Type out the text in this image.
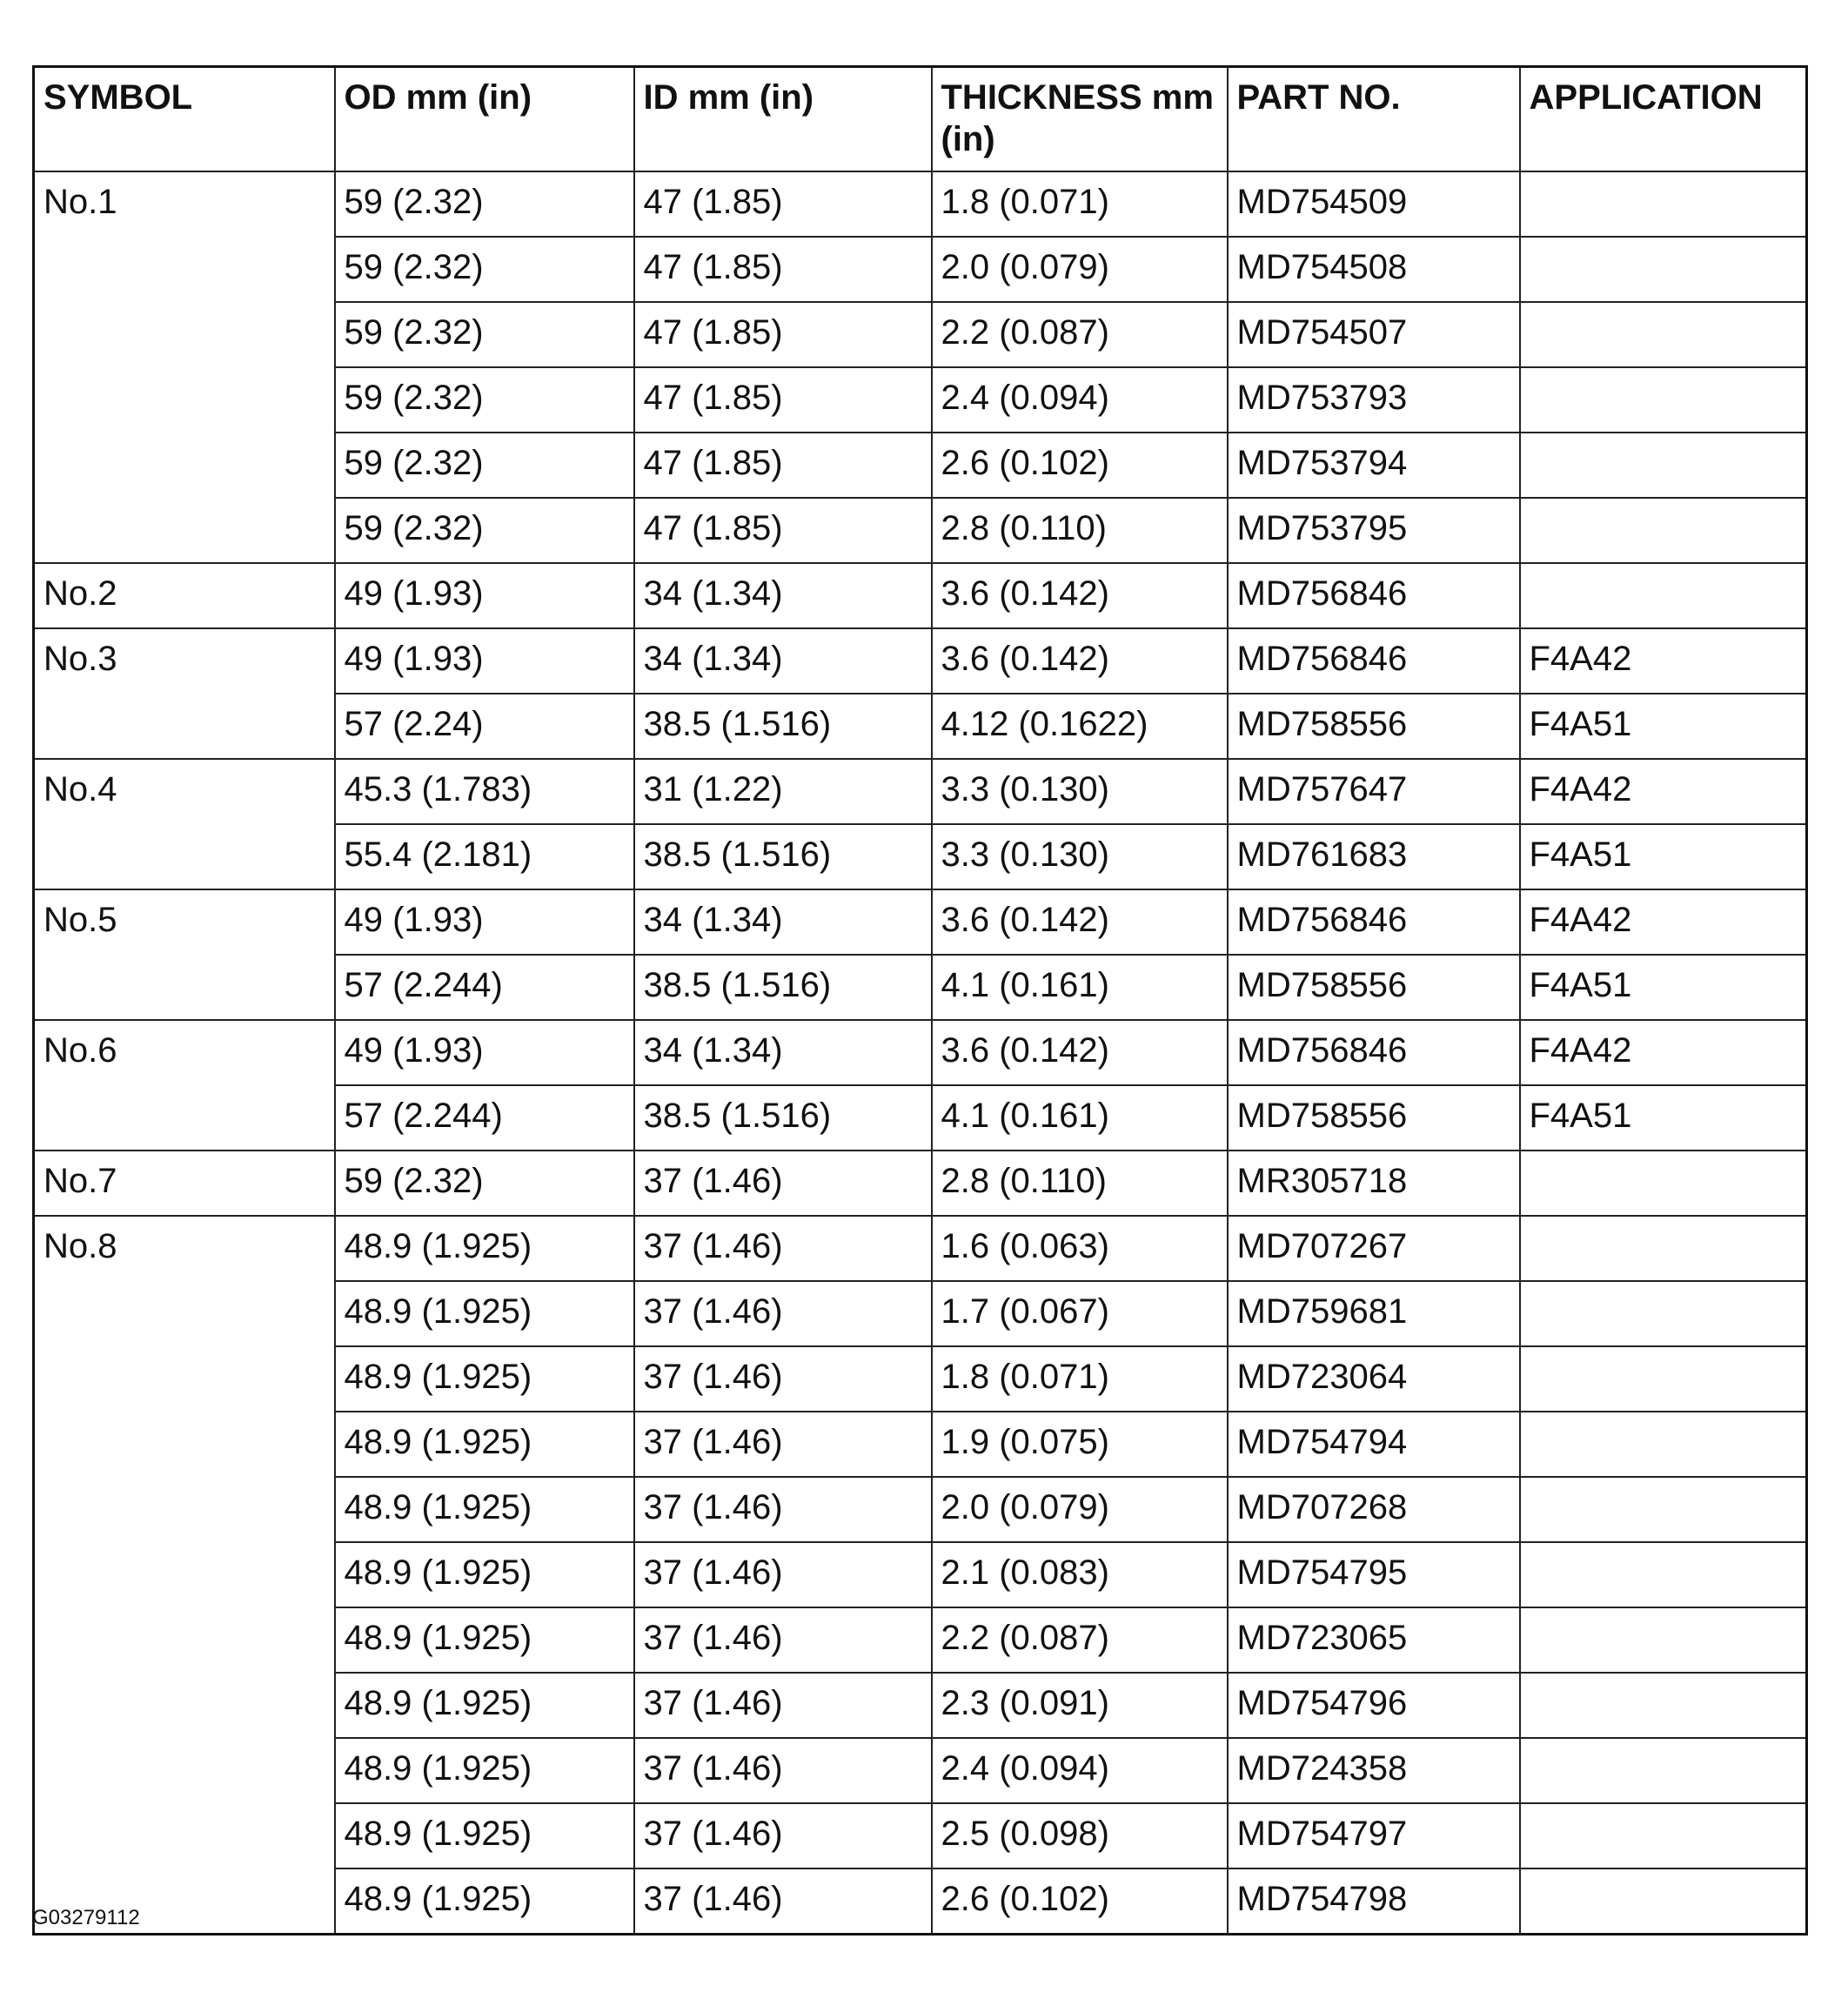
SYMBOL	OD mm (in)	ID mm (in)	THICKNESS mm (in)	PART NO.	APPLICATION
No.1	59 (2.32)	47 (1.85)	1.8 (0.071)	MD754509	
	59 (2.32)	47 (1.85)	2.0 (0.079)	MD754508	
	59 (2.32)	47 (1.85)	2.2 (0.087)	MD754507	
	59 (2.32)	47 (1.85)	2.4 (0.094)	MD753793	
	59 (2.32)	47 (1.85)	2.6 (0.102)	MD753794	
	59 (2.32)	47 (1.85)	2.8 (0.110)	MD753795	
No.2	49 (1.93)	34 (1.34)	3.6 (0.142)	MD756846	
No.3	49 (1.93)	34 (1.34)	3.6 (0.142)	MD756846	F4A42
	57 (2.24)	38.5 (1.516)	4.12 (0.1622)	MD758556	F4A51
No.4	45.3 (1.783)	31 (1.22)	3.3 (0.130)	MD757647	F4A42
	55.4 (2.181)	38.5 (1.516)	3.3 (0.130)	MD761683	F4A51
No.5	49 (1.93)	34 (1.34)	3.6 (0.142)	MD756846	F4A42
	57 (2.244)	38.5 (1.516)	4.1 (0.161)	MD758556	F4A51
No.6	49 (1.93)	34 (1.34)	3.6 (0.142)	MD756846	F4A42
	57 (2.244)	38.5 (1.516)	4.1 (0.161)	MD758556	F4A51
No.7	59 (2.32)	37 (1.46)	2.8 (0.110)	MR305718	
No.8	48.9 (1.925)	37 (1.46)	1.6 (0.063)	MD707267	
	48.9 (1.925)	37 (1.46)	1.7 (0.067)	MD759681	
	48.9 (1.925)	37 (1.46)	1.8 (0.071)	MD723064	
	48.9 (1.925)	37 (1.46)	1.9 (0.075)	MD754794	
	48.9 (1.925)	37 (1.46)	2.0 (0.079)	MD707268	
	48.9 (1.925)	37 (1.46)	2.1 (0.083)	MD754795	
	48.9 (1.925)	37 (1.46)	2.2 (0.087)	MD723065	
	48.9 (1.925)	37 (1.46)	2.3 (0.091)	MD754796	
	48.9 (1.925)	37 (1.46)	2.4 (0.094)	MD724358	
	48.9 (1.925)	37 (1.46)	2.5 (0.098)	MD754797	
	48.9 (1.925)	37 (1.46)	2.6 (0.102)	MD754798	
G03279112
